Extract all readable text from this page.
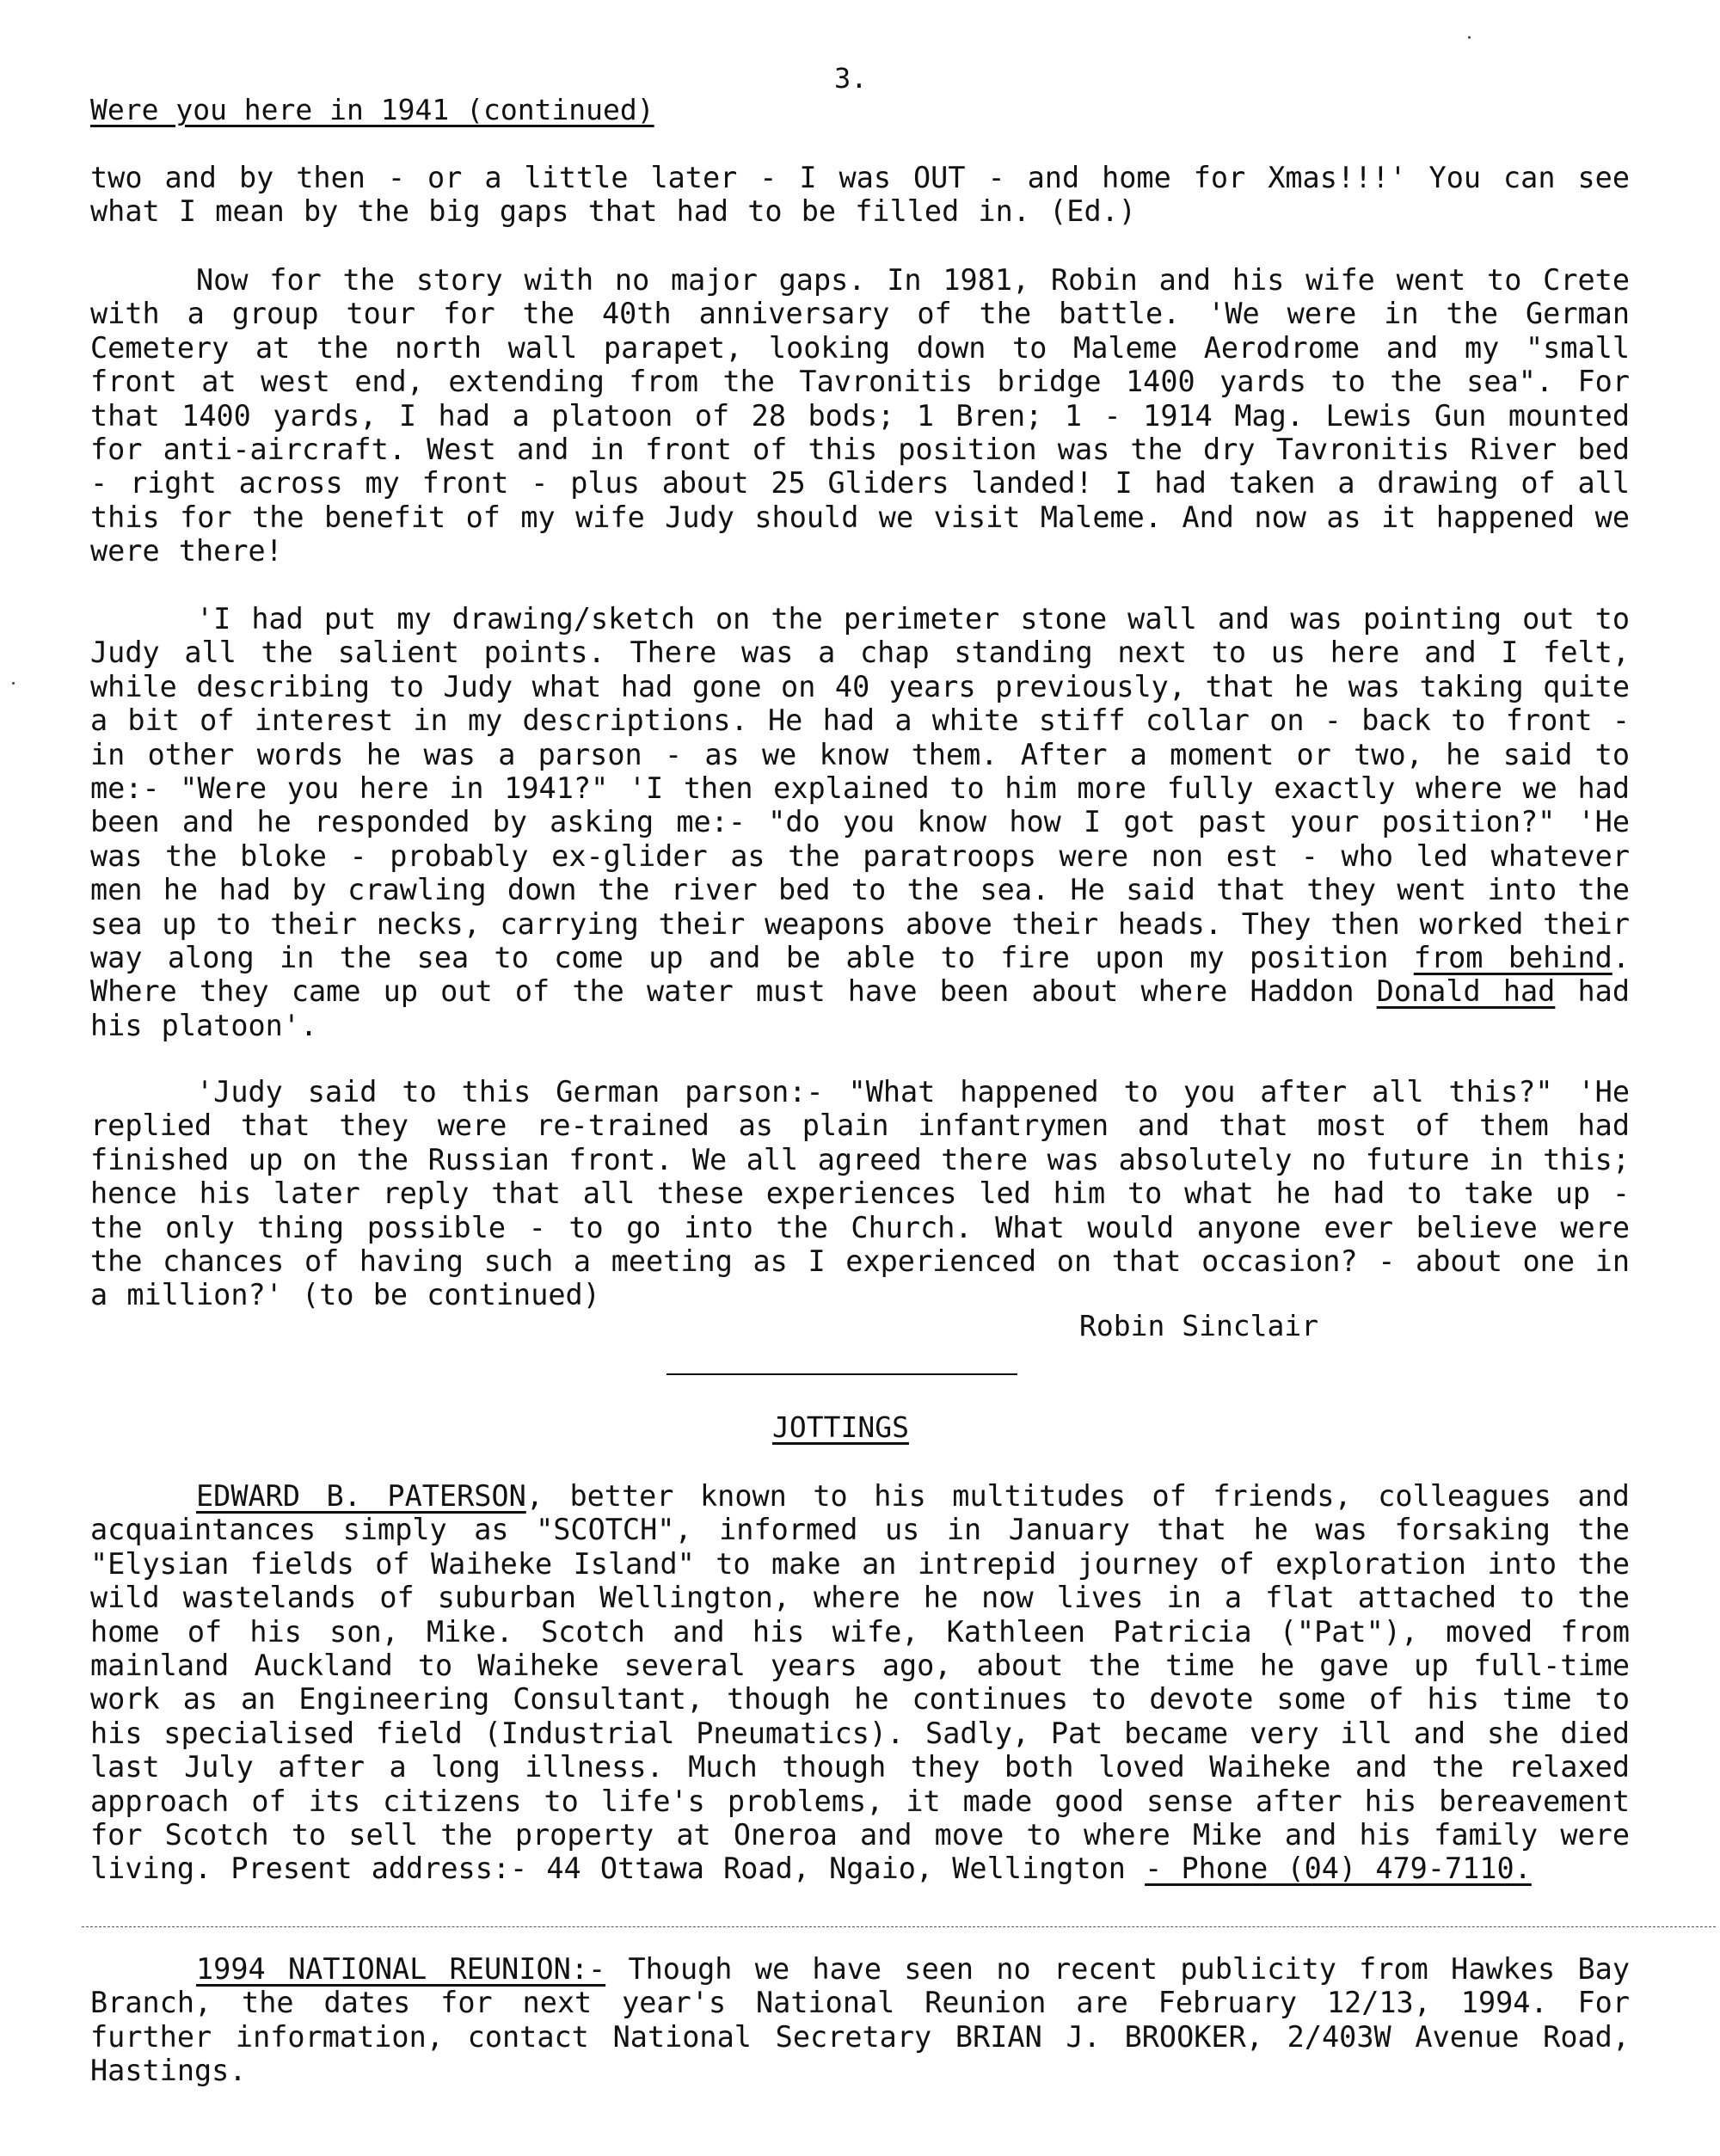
3.
Were you here in 1941 (continued)

two and by then - or a little later - I was OUT - and home for Xmas!!!' You can see what I mean by the big gaps that had to be filled in. (Ed.)

Now for the story with no major gaps. In 1981, Robin and his wife went to Crete with a group tour for the 40th anniversary of the battle. 'We were in the German Cemetery at the north wall parapet, looking down to Maleme Aerodrome and my "small front at west end, extending from the Tavronitis bridge 1400 yards to the sea". For that 1400 yards, I had a platoon of 28 bods; 1 Bren; 1 - 1914 Mag. Lewis Gun mounted for anti-aircraft. West and in front of this position was the dry Tavronitis River bed - right across my front - plus about 25 Gliders landed! I had taken a drawing of all this for the benefit of my wife Judy should we visit Maleme. And now as it happened we were there!

'I had put my drawing/sketch on the perimeter stone wall and was pointing out to Judy all the salient points. There was a chap standing next to us here and I felt, while describing to Judy what had gone on 40 years previously, that he was taking quite a bit of interest in my descriptions. He had a white stiff collar on - back to front - in other words he was a parson - as we know them. After a moment or two, he said to me:- "Were you here in 1941?" 'I then explained to him more fully exactly where we had been and he responded by asking me:- "do you know how I got past your position?" 'He was the bloke - probably ex-glider as the paratroops were non est - who led whatever men he had by crawling down the river bed to the sea. He said that they went into the sea up to their necks, carrying their weapons above their heads. They then worked their way along in the sea to come up and be able to fire upon my position from behind. Where they came up out of the water must have been about where Haddon Donald had had his platoon'.

'Judy said to this German parson:- "What happened to you after all this?" 'He replied that they were re-trained as plain infantrymen and that most of them had finished up on the Russian front. We all agreed there was absolutely no future in this; hence his later reply that all these experiences led him to what he had to take up - the only thing possible - to go into the Church. What would anyone ever believe were the chances of having such a meeting as I experienced on that occasion? - about one in a million?' (to be continued)

Robin Sinclair
JOTTINGS

EDWARD B. PATERSON, better known to his multitudes of friends, colleagues and acquaintances simply as "SCOTCH", informed us in January that he was forsaking the "Elysian fields of Waiheke Island" to make an intrepid journey of exploration into the wild wastelands of suburban Wellington, where he now lives in a flat attached to the home of his son, Mike. Scotch and his wife, Kathleen Patricia ("Pat"), moved from mainland Auckland to Waiheke several years ago, about the time he gave up full-time work as an Engineering Consultant, though he continues to devote some of his time to his specialised field (Industrial Pneumatics). Sadly, Pat became very ill and she died last July after a long illness. Much though they both loved Waiheke and the relaxed approach of its citizens to life's problems, it made good sense after his bereavement for Scotch to sell the property at Oneroa and move to where Mike and his family were living. Present address:- 44 Ottawa Road, Ngaio, Wellington - Phone (04) 479-7110.

1994 NATIONAL REUNION:- Though we have seen no recent publicity from Hawkes Bay Branch, the dates for next year's National Reunion are February 12/13, 1994. For further information, contact National Secretary BRIAN J. BROOKER, 2/403W Avenue Road, Hastings.
